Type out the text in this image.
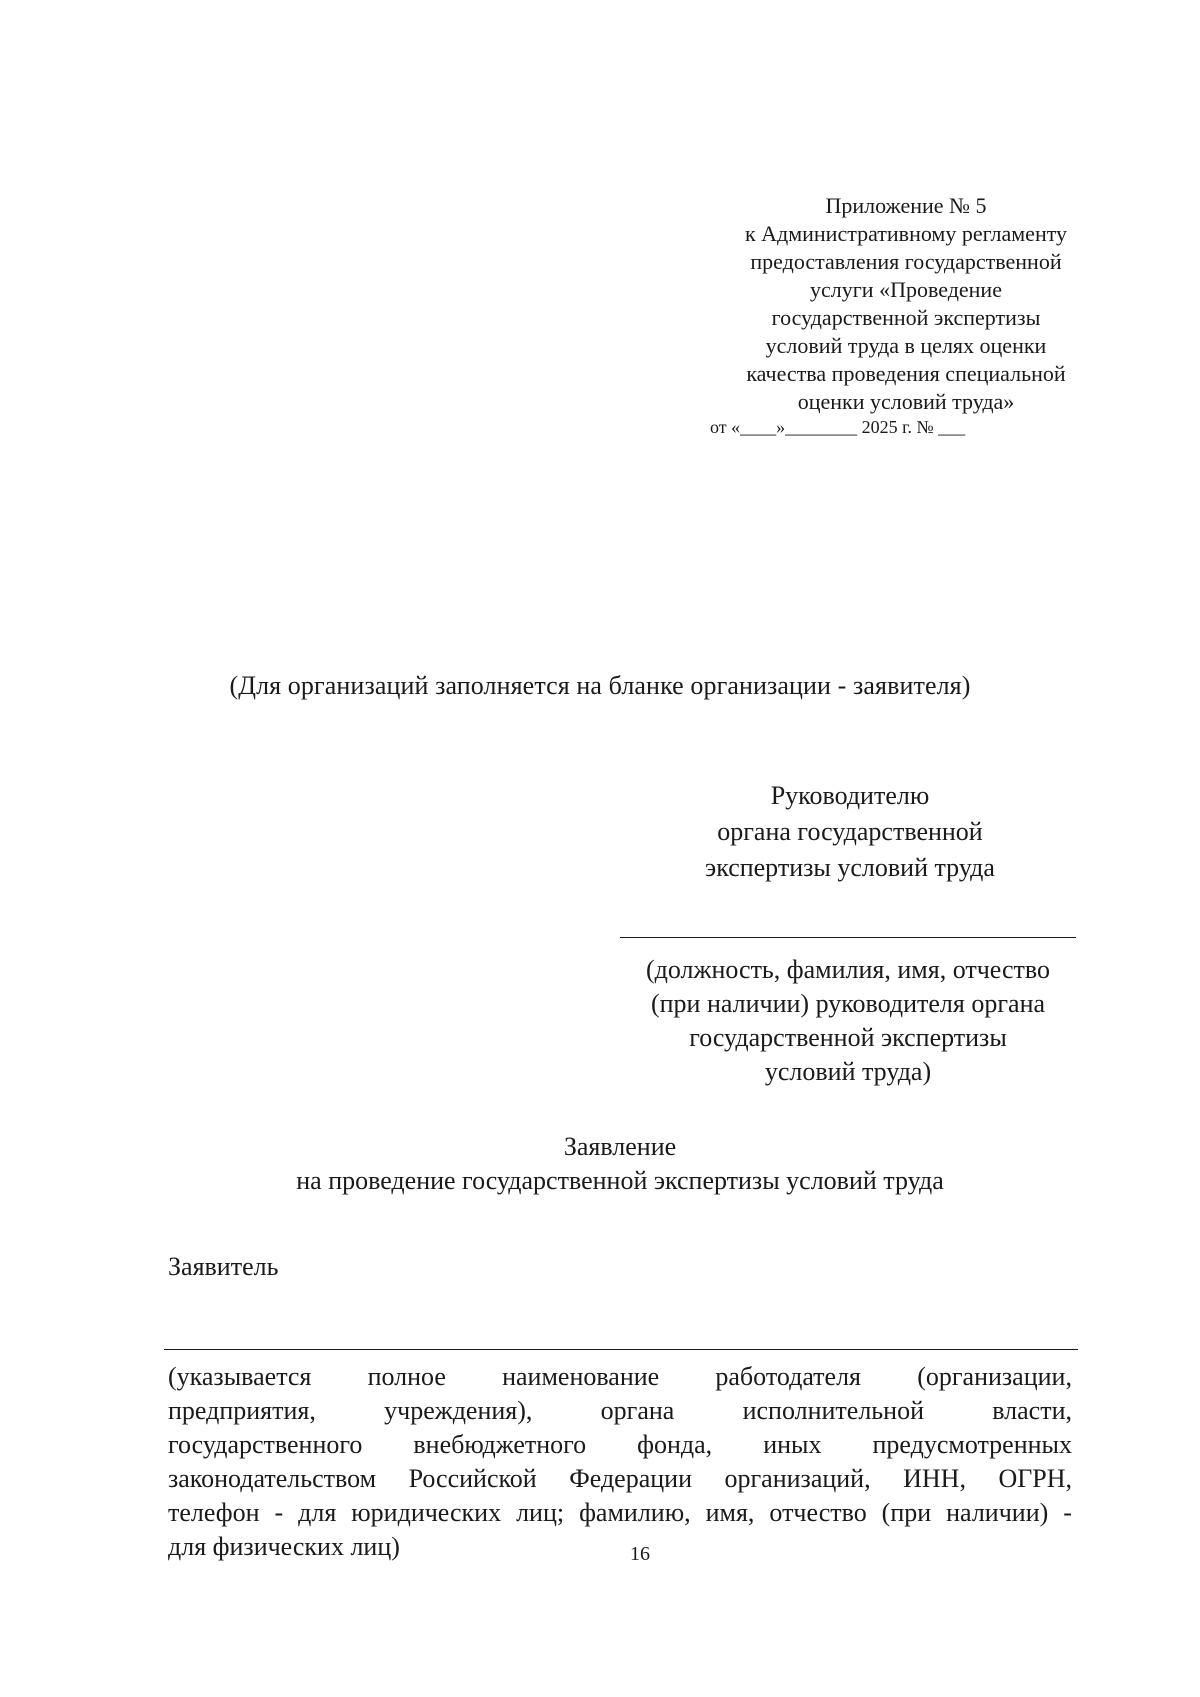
Приложение № 5
к Административному регламенту
предоставления государственной
услуги «Проведение
государственной экспертизы
условий труда в целях оценки
качества проведения специальной
оценки условий труда»
от «____»________ 2025 г. № ___
(Для организаций заполняется на бланке организации - заявителя)
Руководителю
органа государственной
экспертизы условий труда
(должность, фамилия, имя, отчество
(при наличии) руководителя органа
государственной экспертизы
условий труда)
Заявление
на проведение государственной экспертизы условий труда
Заявитель
(указывается полное наименование работодателя (организации,
предприятия,	учреждения),	органа	исполнительной	власти,
государственного внебюджетного фонда, иных предусмотренных
законодательством Российской Федерации организаций, ИНН, ОГРН,
телефон - для юридических лиц; фамилию, имя, отчество (при наличии) -
для физических лиц)	16
